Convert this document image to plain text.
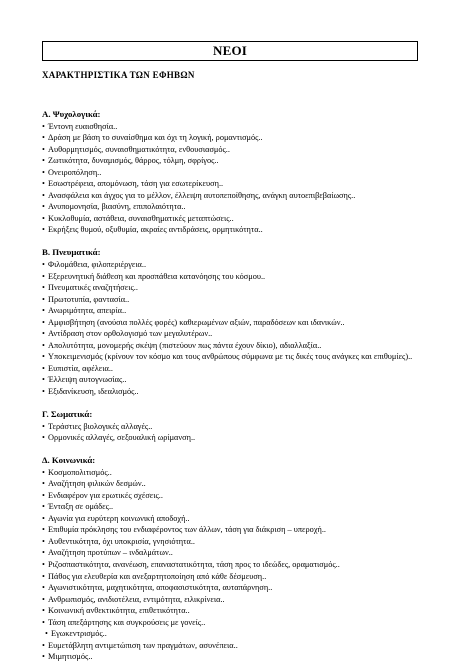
ΝΕΟΙ
ΧΑΡΑΚΤΗΡΙΣΤΙΚΑ ΤΩΝ ΕΦΗΒΩΝ

Α. Ψυχολογικά:

• Έντονη ευαισθησία..

• Δράση με βάση το συναίσθημα και όχι τη λογική, ρομαντισμός..

• Αυθορμητισμός, συναισθηματικότητα, ενθουσιασμός..

• Ζωτικότητα, δυναμισμός, θάρρος, τόλμη, σφρίγος..

• Ονειροπόληση..

• Εσωστρέφεια, απομόνωση, τάση για εσωτερίκευση..

• Ανασφάλεια και άγχος για το μέλλον, έλλειψη αυτοπεποίθησης, ανάγκη αυτοεπιβεβαίωσης..

• Ανυπομονησία, βιασύνη, επιπολαιότητα..

• Κυκλοθυμία, αστάθεια, συναισθηματικές μεταπτώσεις..

• Εκρήξεις θυμού, οξυθυμία, ακραίες αντιδράσεις, ορμητικότητα..

Β. Πνευματικά:

• Φιλομάθεια, φιλοπεριέργεια..

• Εξερευνητική διάθεση και προσπάθεια κατανόησης του κόσμου..

• Πνευματικές αναζητήσεις..

• Πρωτοτυπία, φαντασία..

• Ανωριμότητα, απειρία..

• Αμφισβήτηση (ανούσια πολλές φορές) καθιερωμένων αξιών, παραδόσεων και ιδανικών..

• Αντίδραση στον ορθολογισμό των μεγαλυτέρων..

• Απολυτότητα, μονομερής σκέψη (πιστεύουν πως πάντα έχουν δίκιο), αδιαλλαξία..

• Υποκειμενισμός (κρίνουν τον κόσμο και τους ανθρώπους σύμφωνα με τις δικές τους ανάγκες και επιθυμίες)..

• Ευπιστία, αφέλεια..

• Έλλειψη αυτογνωσίας..

• Εξιδανίκευση, ιδεαλισμός..

Γ. Σωματικά:

• Τεράστιες βιολογικές αλλαγές..

• Ορμονικές αλλαγές, σεξουαλική ωρίμανση..

Δ. Κοινωνικά:

• Κοσμοπολιτισμός..

• Αναζήτηση φιλικών δεσμών..

• Ενδιαφέρον για ερωτικές σχέσεις..

• Ένταξη σε ομάδες..

• Αγωνία για ευρύτερη κοινωνική αποδοχή..

• Επιθυμία πρόκλησης του ενδιαφέροντος των άλλων, τάση για διάκριση – υπεροχή..

• Αυθεντικότητα, όχι υποκρισία, γνησιότητα..

• Αναζήτηση προτύπων – ινδαλμάτων..

• Ριζοσπαστικότητα, ανανέωση, επαναστατικότητα, τάση προς το ιδεώδες, οραματισμός..

• Πάθος για ελευθερία και ανεξαρτητοποίηση από κάθε δέσμευση..

• Αγωνιστικότητα, μαχητικότητα, αποφασιστικότητα, αυταπάρνηση..

• Ανθρωπισμός, ανιδιοτέλεια, εντιμότητα, ειλικρίνεια..

• Κοινωνική ανθεκτικότητα, επιθετικότητα..

• Τάση απεξάρτησης και συγκρούσεις με γονείς..

• Εγωκεντρισμός..

• Ευμετάβλητη αντιμετώπιση των πραγμάτων, ασυνέπεια..

• Μιμητισμός..
